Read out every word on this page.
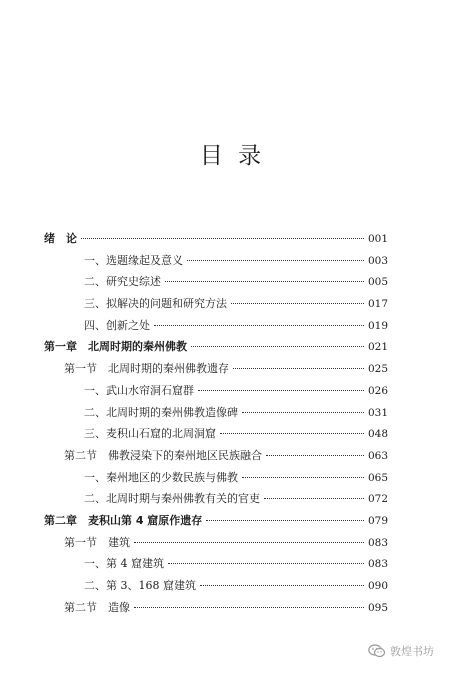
目 录
绪　论	001
一、选题缘起及意义	003
二、研究史综述	005
三、拟解决的问题和研究方法	017
四、创新之处	019
第一章　北周时期的秦州佛教	021
第一节　北周时期的秦州佛教遗存	025
一、武山水帘洞石窟群	026
二、北周时期的秦州佛教造像碑	031
三、麦积山石窟的北周洞窟	048
第二节　佛教浸染下的秦州地区民族融合	063
一、秦州地区的少数民族与佛教	065
二、北周时期与秦州佛教有关的官吏	072
第二章　麦积山第 4 窟原作遗存	079
第一节　建筑	083
一、第 4 窟建筑	083
二、第 3、168 窟建筑	090
第二节　造像	095
敦煌书坊
